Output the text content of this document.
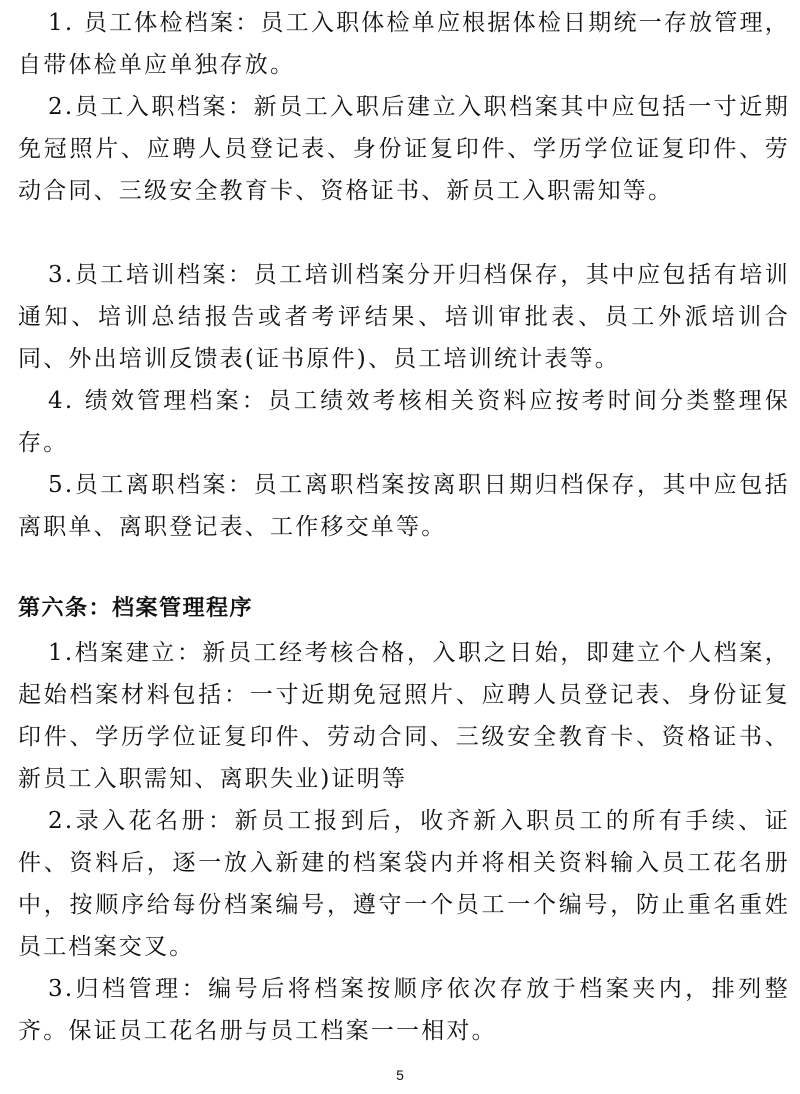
1. 员工体检档案：员工入职体检单应根据体检日期统一存放管理，自带体检单应单独存放。

2.员工入职档案：新员工入职后建立入职档案其中应包括一寸近期免冠照片、应聘人员登记表、身份证复印件、学历学位证复印件、劳动合同、三级安全教育卡、资格证书、新员工入职需知等。

3.员工培训档案：员工培训档案分开归档保存，其中应包括有培训通知、培训总结报告或者考评结果、培训审批表、员工外派培训合同、外出培训反馈表(证书原件)、员工培训统计表等。

4. 绩效管理档案：员工绩效考核相关资料应按考时间分类整理保存。

5.员工离职档案：员工离职档案按离职日期归档保存，其中应包括离职单、离职登记表、工作移交单等。

第六条：档案管理程序

1.档案建立：新员工经考核合格，入职之日始，即建立个人档案，起始档案材料包括：一寸近期免冠照片、应聘人员登记表、身份证复印件、学历学位证复印件、劳动合同、三级安全教育卡、资格证书、新员工入职需知、离职失业)证明等

2.录入花名册：新员工报到后，收齐新入职员工的所有手续、证件、资料后，逐一放入新建的档案袋内并将相关资料输入员工花名册中，按顺序给每份档案编号，遵守一个员工一个编号，防止重名重姓员工档案交叉。

3.归档管理：编号后将档案按顺序依次存放于档案夹内，排列整齐。保证员工花名册与员工档案一一相对。

5
